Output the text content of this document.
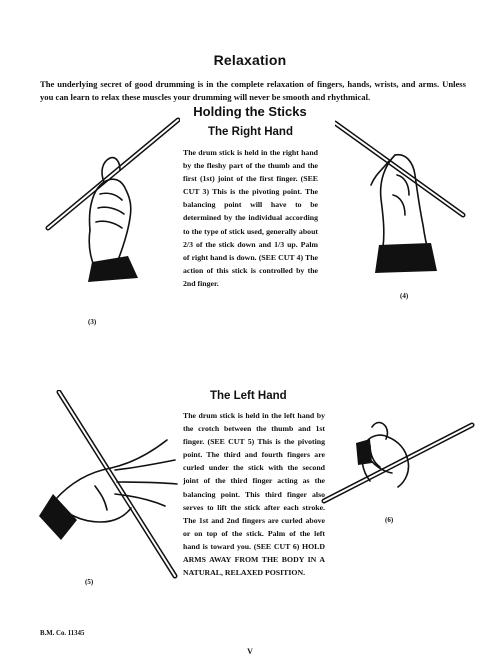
Relaxation
The underlying secret of good drumming is in the complete relaxation of fingers, hands, wrists, and arms. Unless you can learn to relax these muscles your drumming will never be smooth and rhythmical.
Holding the Sticks
The Right Hand
The drum stick is held in the right hand by the fleshy part of the thumb and the first (1st) joint of the first finger. (SEE CUT 3) This is the pivoting point. The balancing point will have to be determined by the individual according to the type of stick used, generally about 2/3 of the stick down and 1/3 up. Palm of right hand is down. (SEE CUT 4) The action of this stick is controlled by the 2nd finger.
The Left Hand
The drum stick is held in the left hand by the crotch between the thumb and 1st finger. (SEE CUT 5) This is the pivoting point. The third and fourth fingers are curled under the stick with the second joint of the third finger acting as the balancing point. This third finger also serves to lift the stick after each stroke. The 1st and 2nd fingers are curled above or on top of the stick. Palm of the left hand is toward you. (SEE CUT 6) HOLD ARMS AWAY FROM THE BODY IN A NATURAL, RELAXED POSITION.
(3)
(4)
(5)
(6)
B.M. Co. 11345
V
